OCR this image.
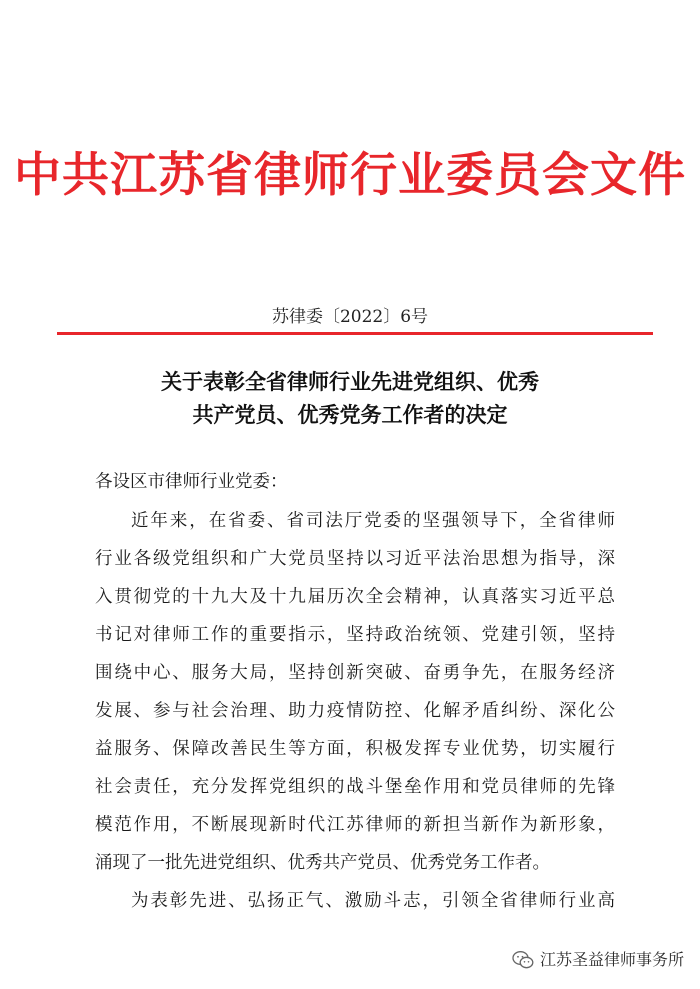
中共江苏省律师行业委员会文件
苏律委〔2022〕6号
关于表彰全省律师行业先进党组织、优秀
共产党员、优秀党务工作者的决定
各设区市律师行业党委：
近年来，在省委、省司法厅党委的坚强领导下，全省律师
行业各级党组织和广大党员坚持以习近平法治思想为指导，深
入贯彻党的十九大及十九届历次全会精神，认真落实习近平总
书记对律师工作的重要指示，坚持政治统领、党建引领，坚持
围绕中心、服务大局，坚持创新突破、奋勇争先，在服务经济
发展、参与社会治理、助力疫情防控、化解矛盾纠纷、深化公
益服务、保障改善民生等方面，积极发挥专业优势，切实履行
社会责任，充分发挥党组织的战斗堡垒作用和党员律师的先锋
模范作用，不断展现新时代江苏律师的新担当新作为新形象，
涌现了一批先进党组织、优秀共产党员、优秀党务工作者。
为表彰先进、弘扬正气、激励斗志，引领全省律师行业高
江苏圣益律师事务所
